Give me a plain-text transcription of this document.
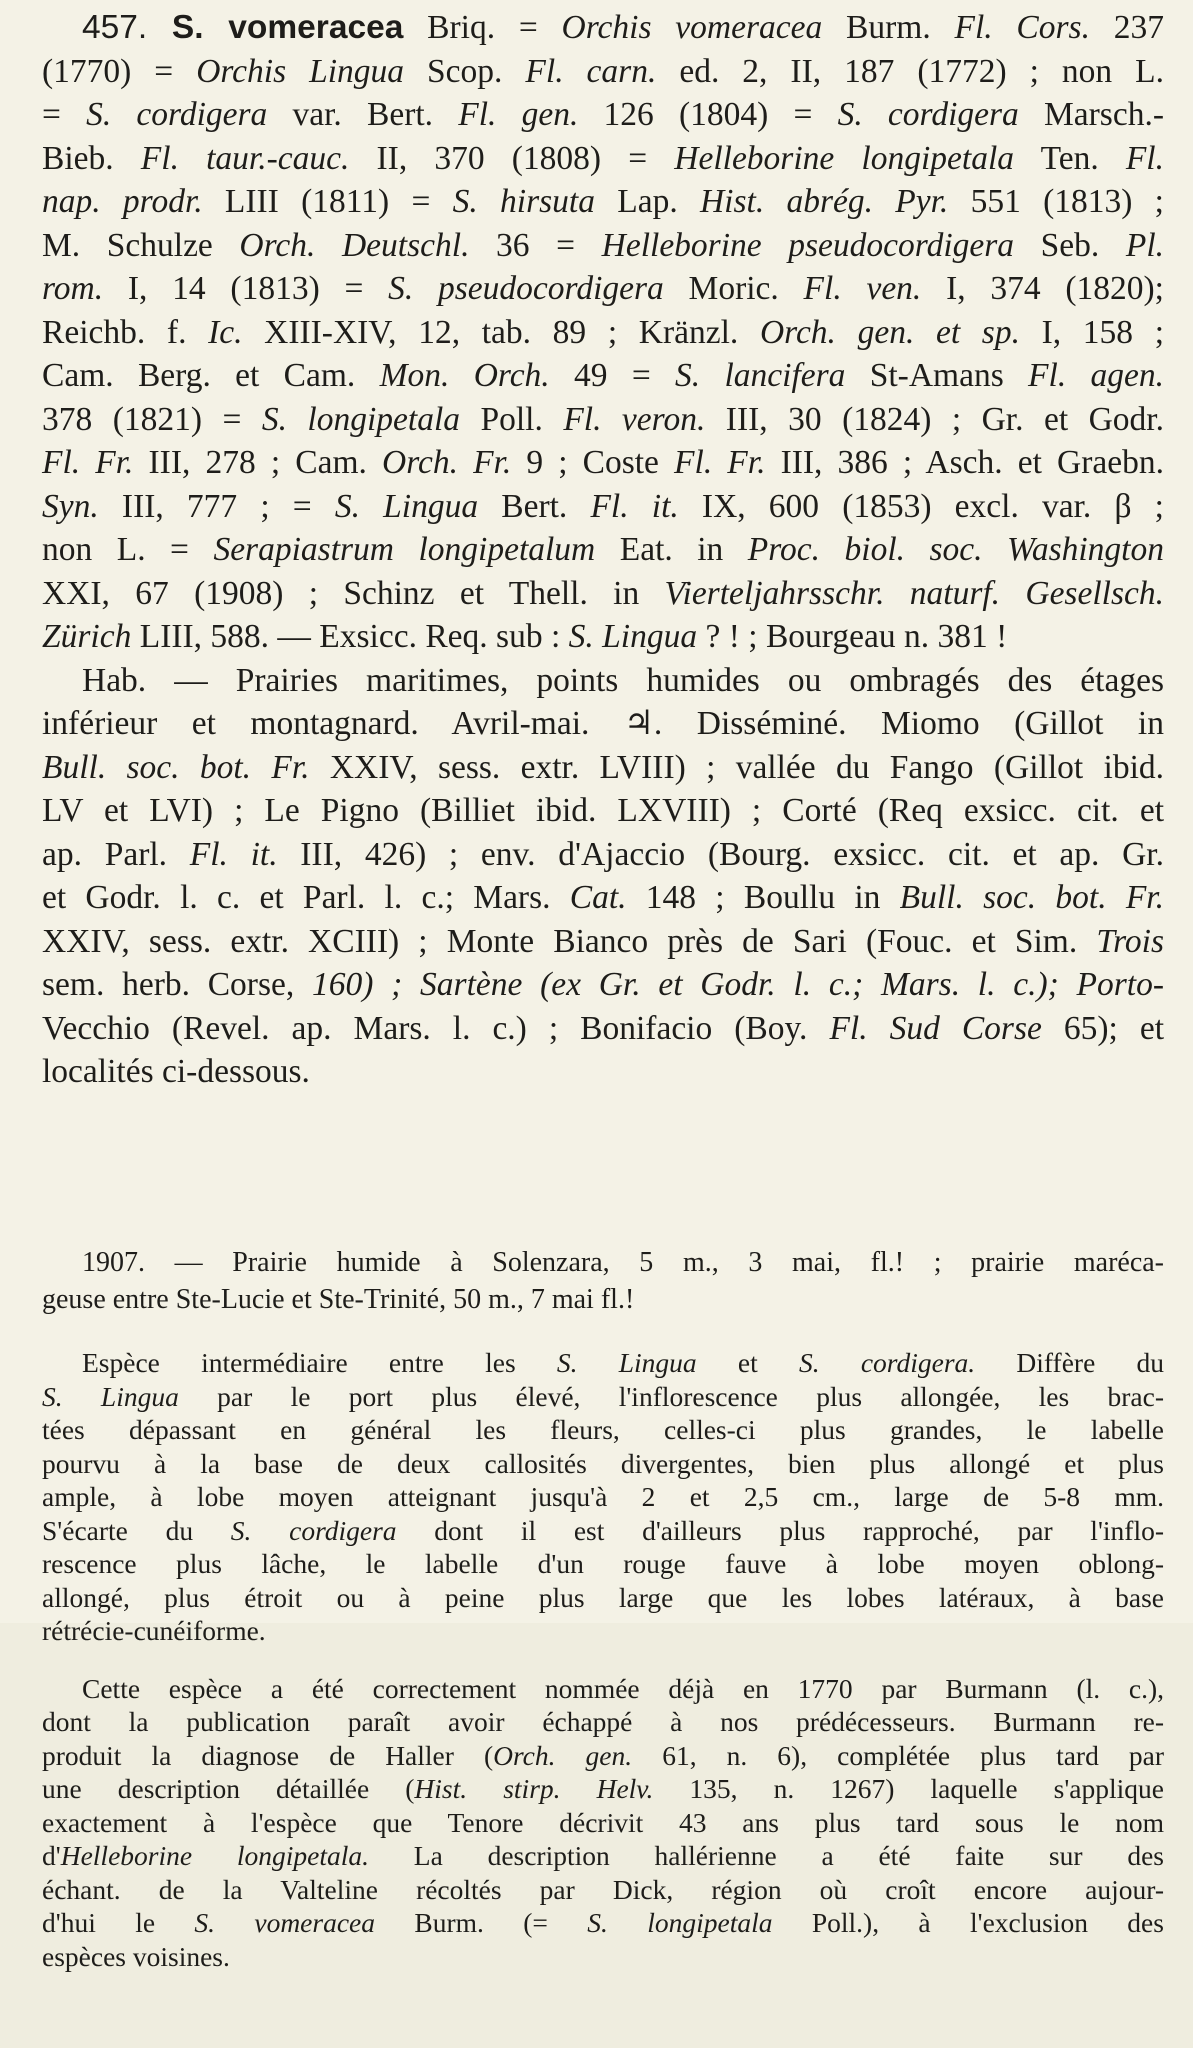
457. S. vomeracea Briq. = Orchis vomeracea Burm. Fl. Cors. 237
(1770) = Orchis Lingua Scop. Fl. carn. ed. 2, II, 187 (1772) ; non L.
= S. cordigera var. Bert. Fl. gen. 126 (1804) = S. cordigera Marsch.-
Bieb. Fl. taur.-cauc. II, 370 (1808) = Helleborine longipetala Ten. Fl.
nap. prodr. LIII (1811) = S. hirsuta Lap. Hist. abrég. Pyr. 551 (1813) ;
M. Schulze Orch. Deutschl. 36 = Helleborine pseudocordigera Seb. Pl.
rom. I, 14 (1813) = S. pseudocordigera Moric. Fl. ven. I, 374 (1820);
Reichb. f. Ic. XIII-XIV, 12, tab. 89 ; Kränzl. Orch. gen. et sp. I, 158 ;
Cam. Berg. et Cam. Mon. Orch. 49 = S. lancifera St-Amans Fl. agen.
378 (1821) = S. longipetala Poll. Fl. veron. III, 30 (1824) ; Gr. et Godr.
Fl. Fr. III, 278 ; Cam. Orch. Fr. 9 ; Coste Fl. Fr. III, 386 ; Asch. et Graebn.
Syn. III, 777 ; = S. Lingua Bert. Fl. it. IX, 600 (1853) excl. var. β ;
non L. = Serapiastrum longipetalum Eat. in Proc. biol. soc. Washington
XXI, 67 (1908) ; Schinz et Thell. in Vierteljahrsschr. naturf. Gesellsch.
Zürich LIII, 588. — Exsicc. Req. sub : S. Lingua ? ! ; Bourgeau n. 381 !
Hab. — Prairies maritimes, points humides ou ombragés des étages
inférieur et montagnard. Avril-mai. ♃. Disséminé. Miomo (Gillot in
Bull. soc. bot. Fr. XXIV, sess. extr. LVIII) ; vallée du Fango (Gillot ibid.
LV et LVI) ; Le Pigno (Billiet ibid. LXVIII) ; Corté (Req exsicc. cit. et
ap. Parl. Fl. it. III, 426) ; env. d'Ajaccio (Bourg. exsicc. cit. et ap. Gr.
et Godr. l. c. et Parl. l. c.; Mars. Cat. 148 ; Boullu in Bull. soc. bot. Fr.
XXIV, sess. extr. XCIII) ; Monte Bianco près de Sari (Fouc. et Sim. Trois
sem. herb. Corse, 160) ; Sartène (ex Gr. et Godr. l. c.; Mars. l. c.); Porto-
Vecchio (Revel. ap. Mars. l. c.) ; Bonifacio (Boy. Fl. Sud Corse 65); et
localités ci-dessous.
1907. — Prairie humide à Solenzara, 5 m., 3 mai, fl.! ; prairie maréca-
geuse entre Ste-Lucie et Ste-Trinité, 50 m., 7 mai fl.!
Espèce intermédiaire entre les S. Lingua et S. cordigera. Diffère du
S. Lingua par le port plus élevé, l'inflorescence plus allongée, les brac-
tées dépassant en général les fleurs, celles-ci plus grandes, le labelle
pourvu à la base de deux callosités divergentes, bien plus allongé et plus
ample, à lobe moyen atteignant jusqu'à 2 et 2,5 cm., large de 5-8 mm.
S'écarte du S. cordigera dont il est d'ailleurs plus rapproché, par l'inflo-
rescence plus lâche, le labelle d'un rouge fauve à lobe moyen oblong-
allongé, plus étroit ou à peine plus large que les lobes latéraux, à base
rétrécie-cunéiforme.
Cette espèce a été correctement nommée déjà en 1770 par Burmann (l. c.),
dont la publication paraît avoir échappé à nos prédécesseurs. Burmann re-
produit la diagnose de Haller (Orch. gen. 61, n. 6), complétée plus tard par
une description détaillée (Hist. stirp. Helv. 135, n. 1267) laquelle s'applique
exactement à l'espèce que Tenore décrivit 43 ans plus tard sous le nom
d'Helleborine longipetala. La description hallérienne a été faite sur des
échant. de la Valteline récoltés par Dick, région où croît encore aujour-
d'hui le S. vomeracea Burm. (= S. longipetala Poll.), à l'exclusion des
espèces voisines.
